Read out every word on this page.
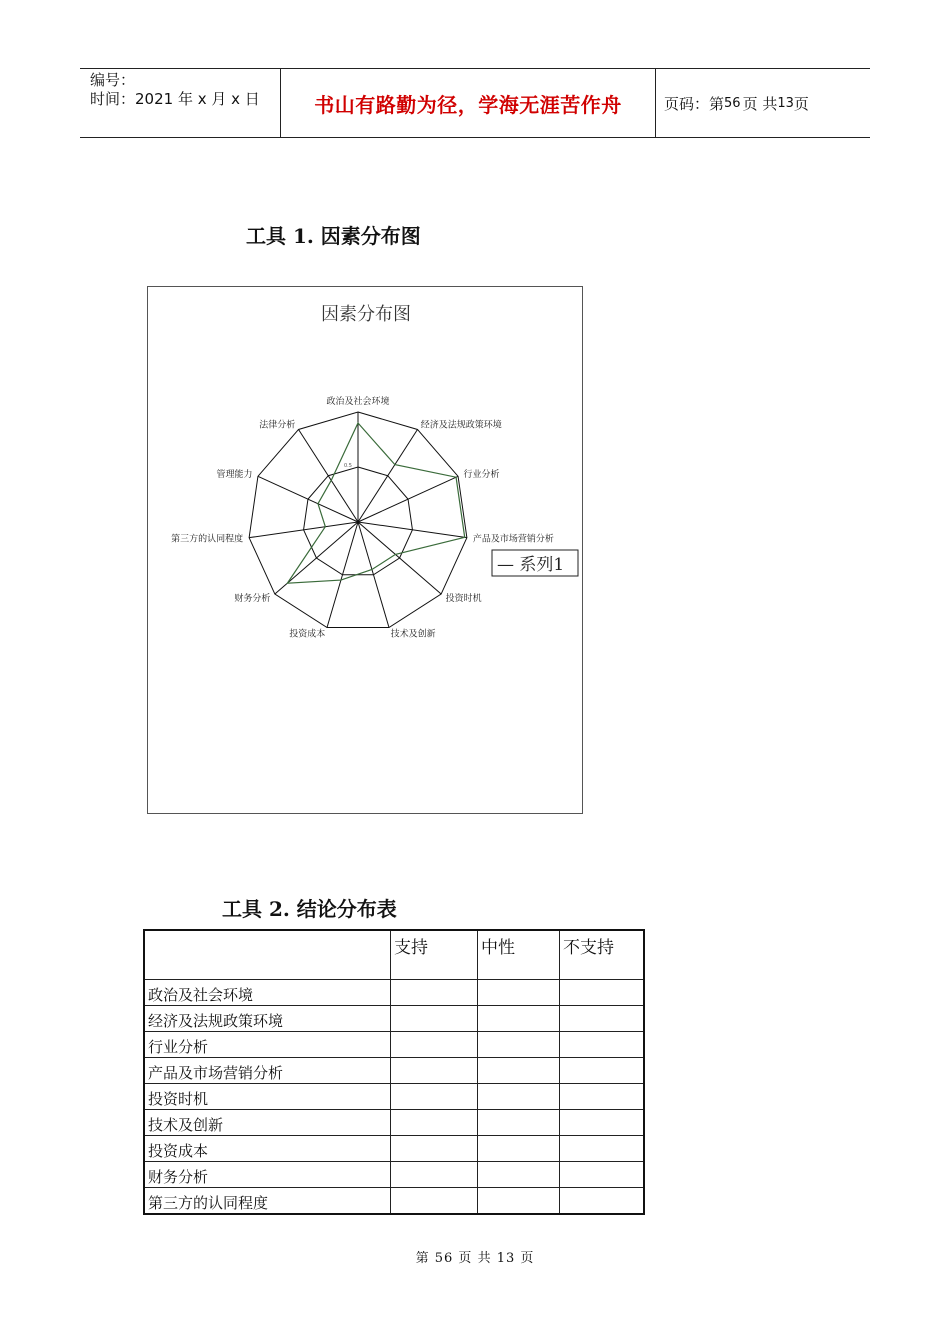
编号：
时间：2021 年 x 月 x 日	书山有路勤为径，学海无涯苦作舟	页码：第 56 页 共 13 页
工具 1. 因素分布图
因素分布图
0.5
政治及社会环境
经济及法规政策环境
行业分析
产品及市场营销分析
投资时机
技术及创新
投资成本
财务分析
第三方的认同程度
管理能力
法律分析
— 系列1
工具 2. 结论分布表
	支持	中性	不支持
政治及社会环境			
经济及法规政策环境			
行业分析			
产品及市场营销分析			
投资时机			
技术及创新			
投资成本			
财务分析			
第三方的认同程度			
第 56 页 共 13 页
